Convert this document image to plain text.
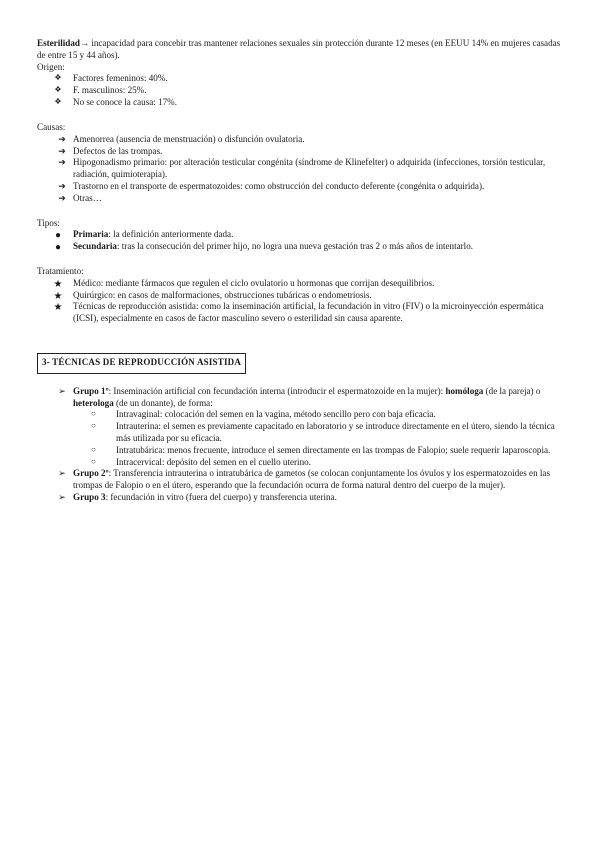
Esterilidad→ incapacidad para concebir tras mantener relaciones sexuales sin protección durante 12 meses (en EEUU 14% en mujeres casadas de entre 15 y 44 años).

Origen:

❖	Factores femeninos: 40%.
❖	F. masculinos: 25%.
❖	No se conoce la causa: 17%.

Causas:

➔ Amenorrea (ausencia de menstruación) o disfunción ovulatoria.
➔ Defectos de las trompas.
➔ Hipogonadismo primario: por alteración testicular congénita (síndrome de Klinefelter) o adquirida (infecciones, torsión testicular, radiación, quimioterapia).
➔ Trastorno en el transporte de espermatozoides: como obstrucción del conducto deferente (congénita o adquirida).
➔ Otras…

Tipos:

●	Primaria: la definición anteriormente dada.
●	Secundaria: tras la consecución del primer hijo, no logra una nueva gestación tras 2 o más años de intentarlo.

Tratamiento:

★ Médico: mediante fármacos que regulen el ciclo ovulatorio u hormonas que corrijan desequilibrios.
★ Quirúrgico: en casos de malformaciones, obstrucciones tubáricas o endometriosis.
★ Técnicas de reproducción asistida: como la inseminación artificial, la fecundación in vitro (FIV) o la microinyección espermática (ICSI), especialmente en casos de factor masculino severo o esterilidad sin causa aparente.
3- TÉCNICAS DE REPRODUCCIÓN ASISTIDA
➢ Grupo 1º: Inseminación artificial con fecundación interna (introducir el espermatozoide en la mujer): homóloga (de la pareja) o heterologa (de un donante), de forma:
○ Intravaginal: colocación del semen en la vagina, método sencillo pero con baja eficacia.
○ Intrauterina: el semen es previamente capacitado en laboratorio y se introduce directamente en el útero, siendo la técnica más utilizada por su eficacia.
○ Intratubárica: menos frecuente, introduce el semen directamente en las trompas de Falopio; suele requerir laparoscopia.
○ Intracervical: depósito del semen en el cuello uterino.
➢ Grupo 2º: Transferencia intrauterina o intratubárica de gametos (se colocan conjuntamente los óvulos y los espermatozoides en las trompas de Falopio o en el útero, esperando que la fecundación ocurra de forma natural dentro del cuerpo de la mujer).
➢ Grupo 3: fecundación in vitro (fuera del cuerpo) y transferencia uterina.
